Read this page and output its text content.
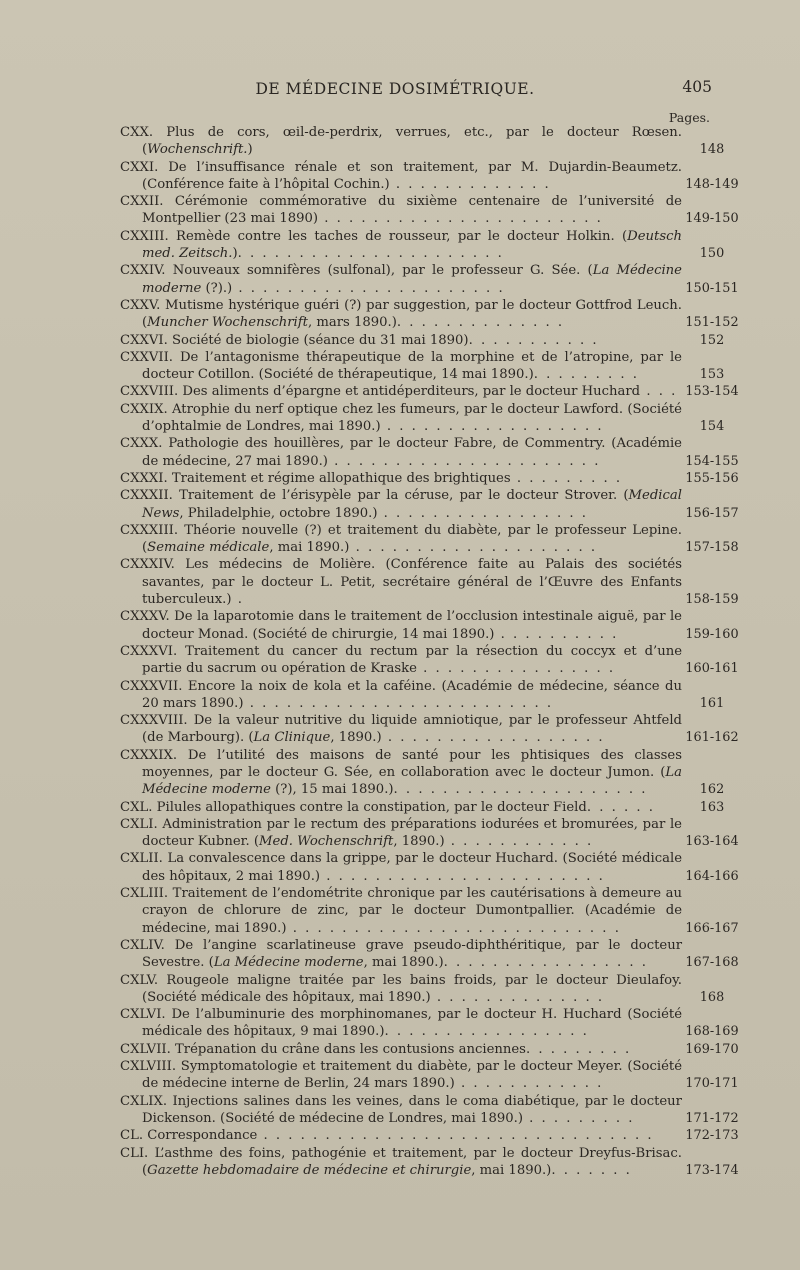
DE MÉDECINE DOSIMÉTRIQUE.	405
Pages.
CXX. Plus de cors, œil-de-perdrix, verrues, etc., par le docteur Rœsen. (Wochenschrift.)	148
CXXI. De l’insuffisance rénale et son traitement, par M. Dujardin-Beaumetz. (Conférence faite à l’hôpital Cochin.) . . . . . . . . . . . . .	148-149
CXXII. Cérémonie commémorative du sixième centenaire de l’université de Montpellier (23 mai 1890) . . . . . . . . . . . . . . . . . . . . . . .	149-150
CXXIII. Remède contre les taches de rousseur, par le docteur Holkin. (Deutsch med. Zeitsch.). . . . . . . . . . . . . . . . . . . . . .	150
CXXIV. Nouveaux somnifères (sulfonal), par le professeur G. Sée. (La Médecine moderne (?).) . . . . . . . . . . . . . . . . . . . . . .	150-151
CXXV. Mutisme hystérique guéri (?) par suggestion, par le docteur Gottfrod Leuch. (Muncher Wochenschrift, mars 1890.). . . . . . . . . . . . . .	151-152
CXXVI. Société de biologie (séance du 31 mai 1890). . . . . . . . . . .	152
CXXVII. De l’antagonisme thérapeutique de la morphine et de l’atropine, par le docteur Cotillon. (Société de thérapeutique, 14 mai 1890.). . . . . . . . .	153
CXXVIII. Des aliments d’épargne et antidéperditeurs, par le docteur Huchard . . . 153-154
CXXIX. Atrophie du nerf optique chez les fumeurs, par le docteur Lawford. (Société d’ophtalmie de Londres, mai 1890.) . . . . . . . . . . . . . . . . . .	154
CXXX. Pathologie des houillères, par le docteur Fabre, de Commentry. (Académie de médecine, 27 mai 1890.) . . . . . . . . . . . . . . . . . . . . . .	154-155
CXXXI. Traitement et régime allopathique des brightiques . . . . . . . . .	155-156
CXXXII. Traitement de l’érisypèle par la céruse, par le docteur Strover. (Medical News, Philadelphie, octobre 1890.) . . . . . . . . . . . . . . . . .	156-157
CXXXIII. Théorie nouvelle (?) et traitement du diabète, par le professeur Lepine. (Semaine médicale, mai 1890.) . . . . . . . . . . . . . . . . . . . .	157-158
CXXXIV. Les médecins de Molière. (Conférence faite au Palais des sociétés savantes, par le docteur L. Petit, secrétaire général de l’Œuvre des Enfants tuberculeux.) .	158-159
CXXXV. De la laparotomie dans le traitement de l’occlusion intestinale aiguë, par le docteur Monad. (Société de chirurgie, 14 mai 1890.) . . . . . . . . . .	159-160
CXXXVI. Traitement du cancer du rectum par la résection du coccyx et d’une partie du sacrum ou opération de Kraske . . . . . . . . . . . . . . . .	160-161
CXXXVII. Encore la noix de kola et la caféine. (Académie de médecine, séance du 20 mars 1890.) . . . . . . . . . . . . . . . . . . . . . . . . .	161
CXXXVIII. De la valeur nutritive du liquide amniotique, par le professeur Ahtfeld (de Marbourg). (La Clinique, 1890.) . . . . . . . . . . . . . . . . . .	161-162
CXXXIX. De l’utilité des maisons de santé pour les phtisiques des classes moyennes, par le docteur G. Sée, en collaboration avec le docteur Jumon. (La Médecine moderne (?), 15 mai 1890.). . . . . . . . . . . . . . . . . . . . .	162
CXL. Pilules allopathiques contre la constipation, par le docteur Field. . . . . .	163
CXLI. Administration par le rectum des préparations iodurées et bromurées, par le docteur Kubner. (Med. Wochenschrift, 1890.) . . . . . . . . . . . .	163-164
CXLII. La convalescence dans la grippe, par le docteur Huchard. (Société médicale des hôpitaux, 2 mai 1890.) . . . . . . . . . . . . . . . . . . . . . . .	164-166
CXLIII. Traitement de l’endométrite chronique par les cautérisations à demeure au crayon de chlorure de zinc, par le docteur Dumontpallier. (Académie de médecine, mai 1890.) . . . . . . . . . . . . . . . . . . . . . . . . . . .	166-167
CXLIV. De l’angine scarlatineuse grave pseudo-diphthéritique, par le docteur Sevestre. (La Médecine moderne, mai 1890.). . . . . . . . . . . . . . . . .	167-168
CXLV. Rougeole maligne traitée par les bains froids, par le docteur Dieulafoy. (Société médicale des hôpitaux, mai 1890.) . . . . . . . . . . . . . .	168
CXLVI. De l’albuminurie des morphinomanes, par le docteur H. Huchard (Société médicale des hôpitaux, 9 mai 1890.). . . . . . . . . . . . . . . . .	168-169
CXLVII. Trépanation du crâne dans les contusions anciennes. . . . . . . . .	169-170
CXLVIII. Symptomatologie et traitement du diabète, par le docteur Meyer. (Société de médecine interne de Berlin, 24 mars 1890.) . . . . . . . . . . . .	170-171
CXLIX. Injections salines dans les veines, dans le coma diabétique, par le docteur Dickenson. (Société de médecine de Londres, mai 1890.) . . . . . . . . .	171-172
CL. Correspondance . . . . . . . . . . . . . . . . . . . . . . . . . . . . . . . .	172-173
CLI. L’asthme des foins, pathogénie et traitement, par le docteur Dreyfus-Brisac. (Gazette hebdomadaire de médecine et chirurgie, mai 1890.). . . . . . .	173-174
